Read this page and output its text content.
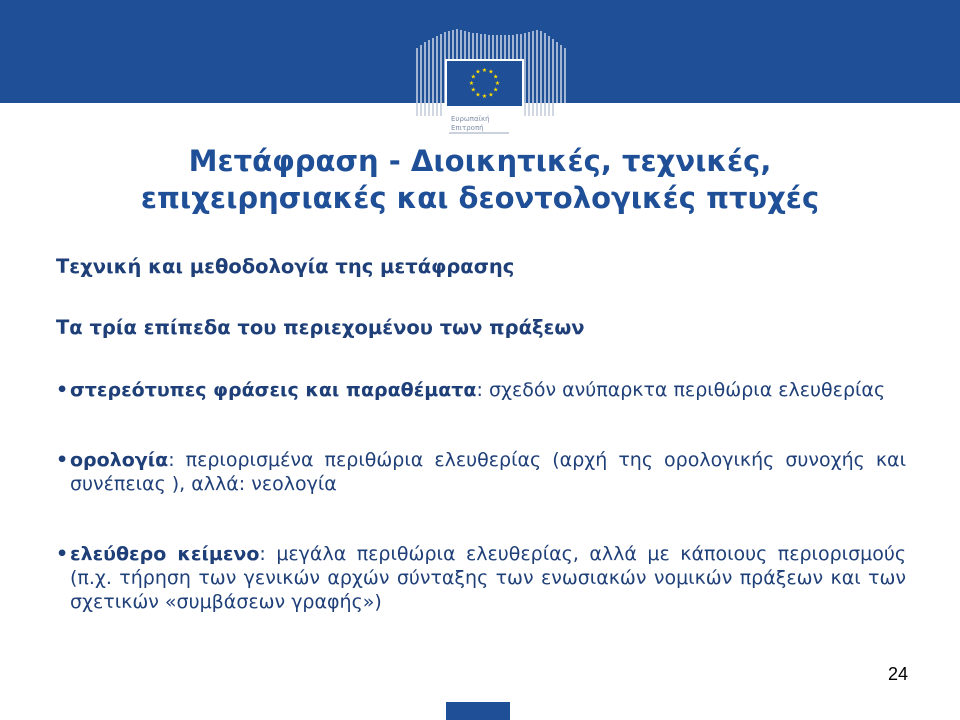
★ ★
★
★
★
★
★
★
★
★
★
★
Ευρωπαϊκή
Επιτροπή
Μετάφραση - Διοικητικές, τεχνικές,
επιχειρησιακές και δεοντολογικές πτυχές

Τεχνική και μεθοδολογία της μετάφρασης

Τα τρία επίπεδα του περιεχομένου των πράξεων

• στερεότυπες φράσεις και παραθέματα: σχεδόν ανύπαρκτα περιθώρια ελευθερίας
• ορολογία: περιορισμένα περιθώρια ελευθερίας (αρχή της ορολογικής συνοχής και συνέπειας ), αλλά: νεολογία
• ελεύθερο κείμενο: μεγάλα περιθώρια ελευθερίας, αλλά με κάποιους περιορισμούς (π.χ. τήρηση των γενικών αρχών σύνταξης των ενωσιακών νομικών πράξεων και των σχετικών «συμβάσεων γραφής»)
24
